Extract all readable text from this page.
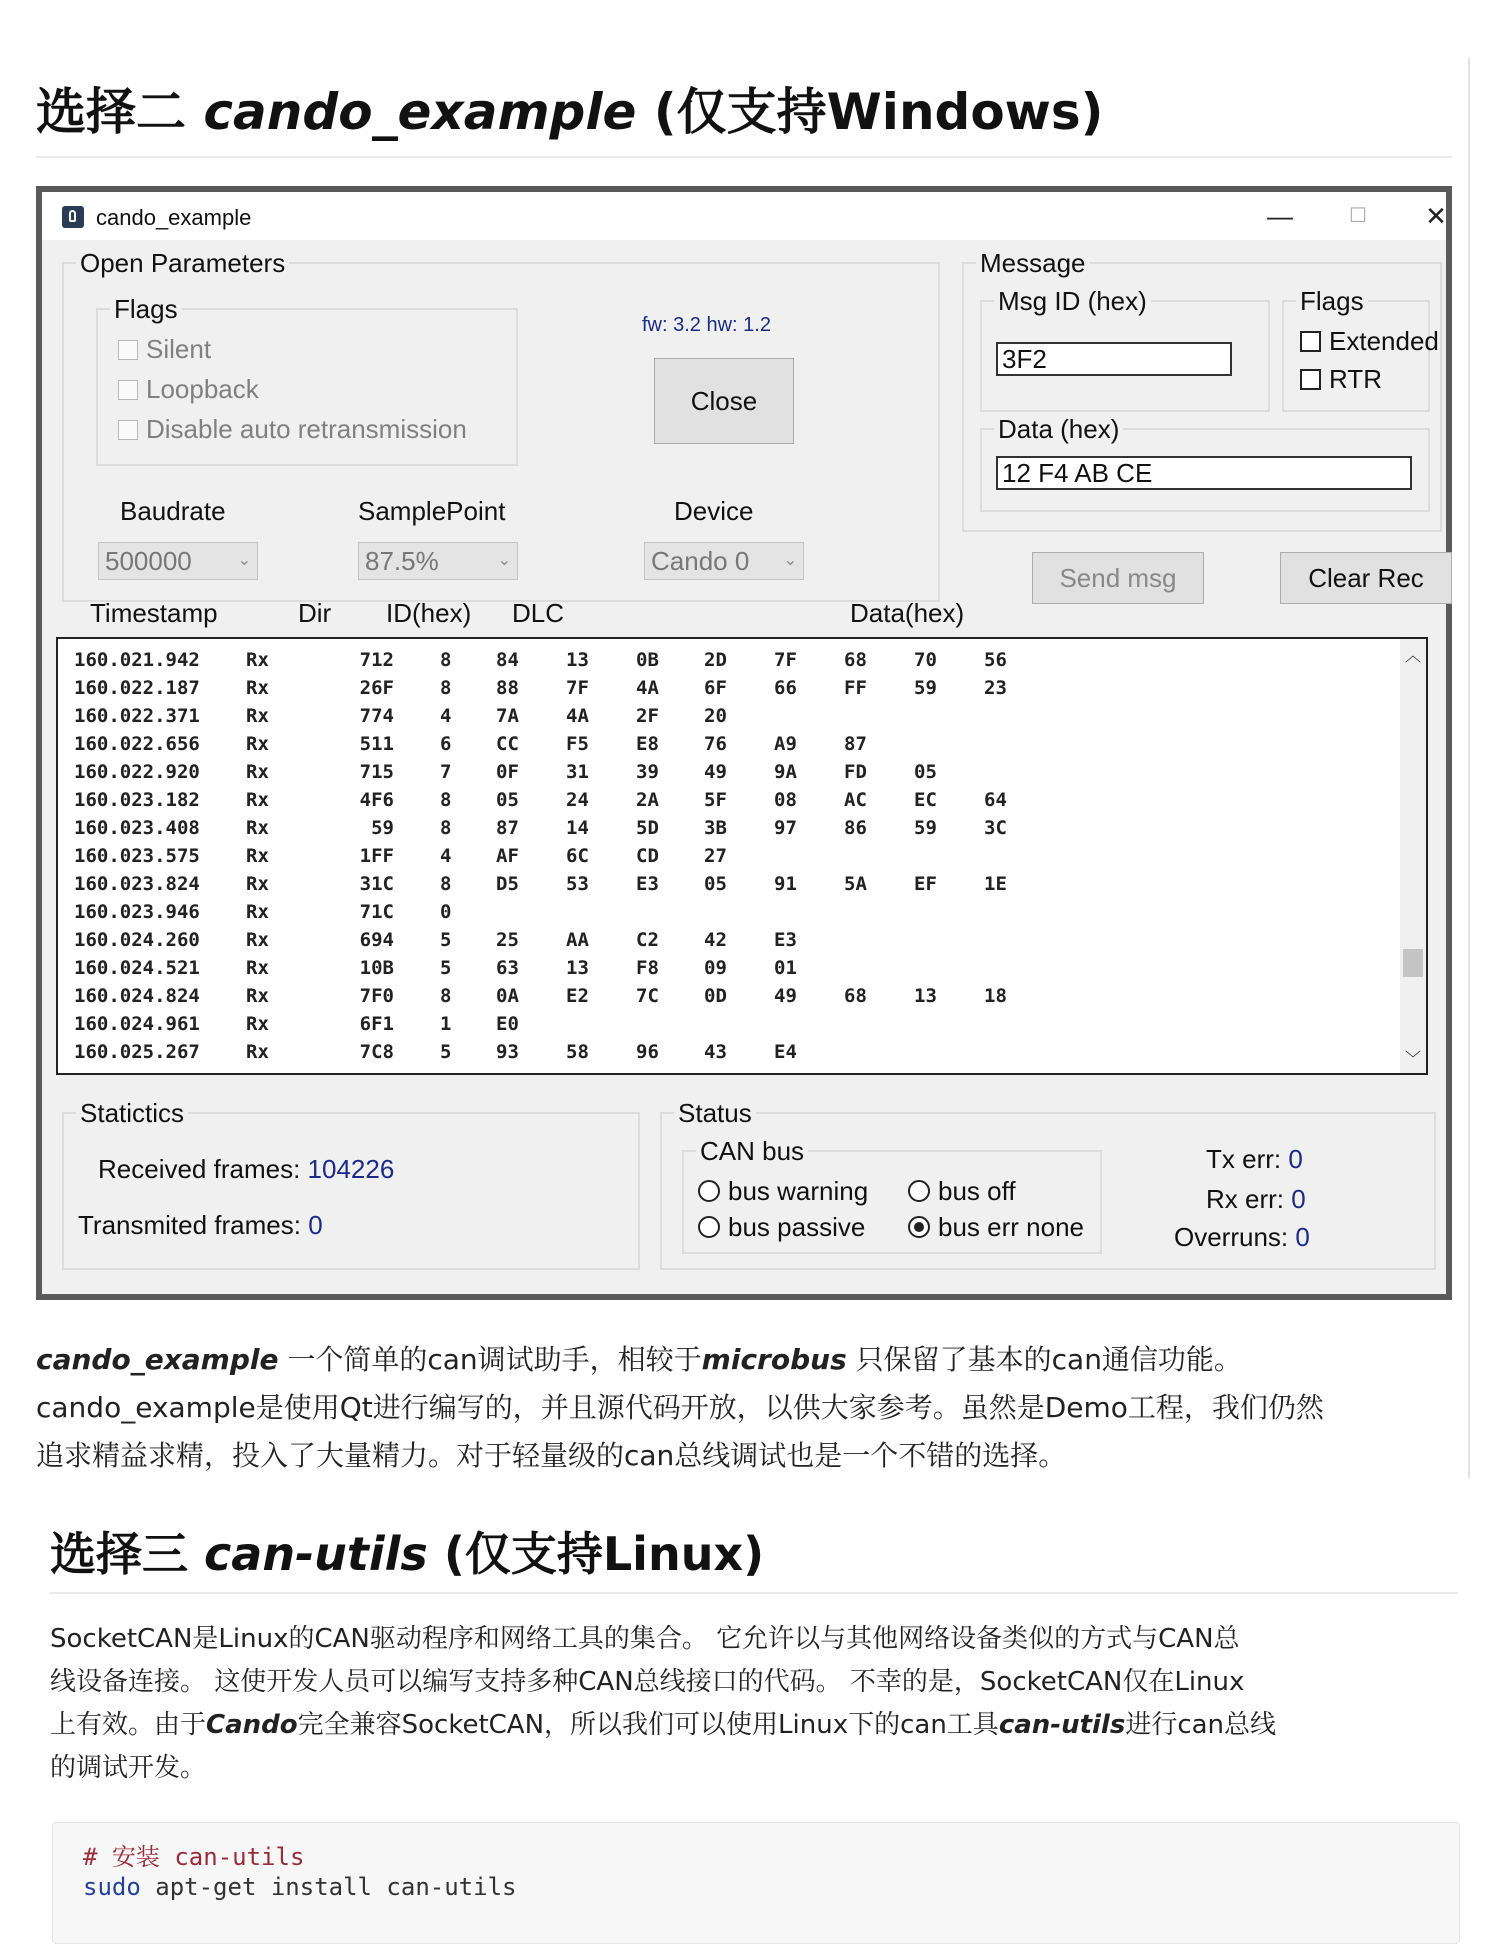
选择二 cando_example (仅支持Windows)
cando_example	—	☐	✕
Open Parameters
Flags
Silent
Loopback
Disable auto retransmission
fw: 3.2 hw: 1.2
Close
Baudrate
500000	⌄
SamplePoint
87.5%	⌄
Device
Cando 0 ⌄
Message
Msg ID (hex)
3F2
Flags
Extended
RTR
Data (hex)
12 F4 AB CE
Send msg	Clear Rec
Timestamp	Dir ID(hex) DLC	Data(hex)
160.021.942 Rx	712 8 84 13 0B 2D 7F 68 70 56
160.022.187 Rx	26F 8 88 7F 4A 6F 66 FF 59 23
160.022.371 Rx	774 4 7A 4A 2F 20
160.022.656 Rx	511 6 CC F5 E8 76 A9 87
160.022.920 Rx	715 7 0F 31 39 49 9A FD 05
160.023.182 Rx	4F6 8 05 24 2A 5F 08 AC EC 64
160.023.408 Rx	59 8 87 14 5D 3B 97 86 59 3C
160.023.575 Rx	1FF 4 AF 6C CD 27
160.023.824 Rx	31C 8 D5 53 E3 05 91 5A EF 1E
160.023.946 Rx	71C 0
160.024.260 Rx	694 5 25 AA C2 42 E3
160.024.521 Rx	10B 5 63 13 F8 09 01
160.024.824 Rx	7F0 8 0A E2 7C 0D 49 68 13 18
160.024.961 Rx	6F1 1 E0
160.025.267 Rx	7C8 5 93 58 96 43 E4
︿
﹀
Staticti​cs
Received frames: 104226
Transmited frames: 0
Status
CAN bus
bus warning	bus off
bus passive	bus err none
Tx err: 0
Rx err: 0
Overruns: 0

cando_example 一个简单的can调试助手，相较于microbus 只保留了基本的can通信功能。
cando_example是使用Qt进行编写的，并且源代码开放，以供大家参考。虽然是Demo工程，我们仍然
追求精益求精，投入了大量精力。对于轻量级的can总线调试也是一个不错的选择。

选择三 can-utils (仅支持Linux)

SocketCAN是Linux的CAN驱动程序和网络工具的集合。 它允许以与其他网络设备类似的方式与CAN总
线设备连接。 这使开发人员可以编写支持多种CAN总线接口的代码。 不幸的是，SocketCAN仅在Linux
上有效。由于Cando完全兼容SocketCAN，所以我们可以使用Linux下的can工具can-utils进行can总线
的调试开发。

# 安装 can-utils
sudo apt-get install can-utils
